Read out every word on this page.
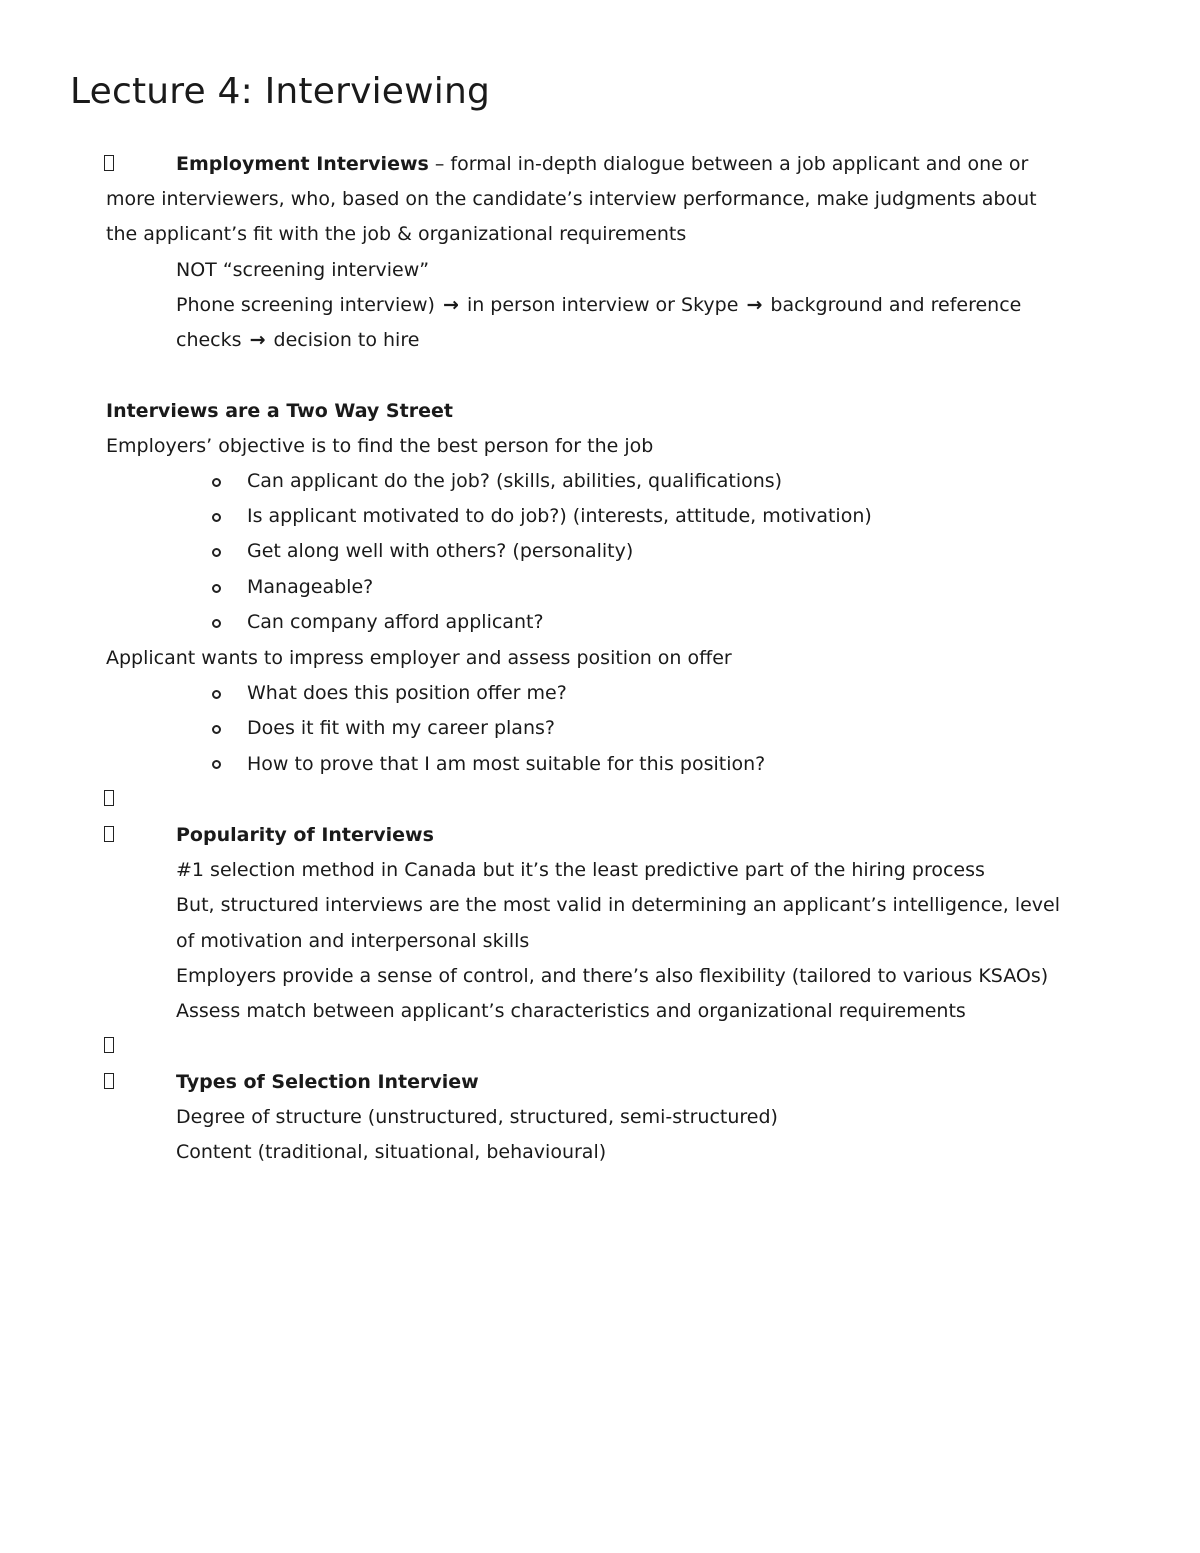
Lecture 4: Interviewing

Employment Interviews – formal in-depth dialogue between a job applicant and one or

more interviewers, who, based on the candidate’s interview performance, make judgments about

the applicant’s fit with the job & organizational requirements

NOT “screening interview”

Phone screening interview) → in person interview or Skype → background and reference

checks → decision to hire

Interviews are a Two Way Street

Employers’ objective is to find the best person for the job

Can applicant do the job? (skills, abilities, qualifications)

Is applicant motivated to do job?) (interests, attitude, motivation)

Get along well with others? (personality)

Manageable?

Can company afford applicant?

Applicant wants to impress employer and assess position on offer

What does this position offer me?

Does it fit with my career plans?

How to prove that I am most suitable for this position?

Popularity of Interviews

#1 selection method in Canada but it’s the least predictive part of the hiring process

But, structured interviews are the most valid in determining an applicant’s intelligence, level

of motivation and interpersonal skills

Employers provide a sense of control, and there’s also flexibility (tailored to various KSAOs)

Assess match between applicant’s characteristics and organizational requirements

Types of Selection Interview

Degree of structure (unstructured, structured, semi-structured)

Content (traditional, situational, behavioural)
